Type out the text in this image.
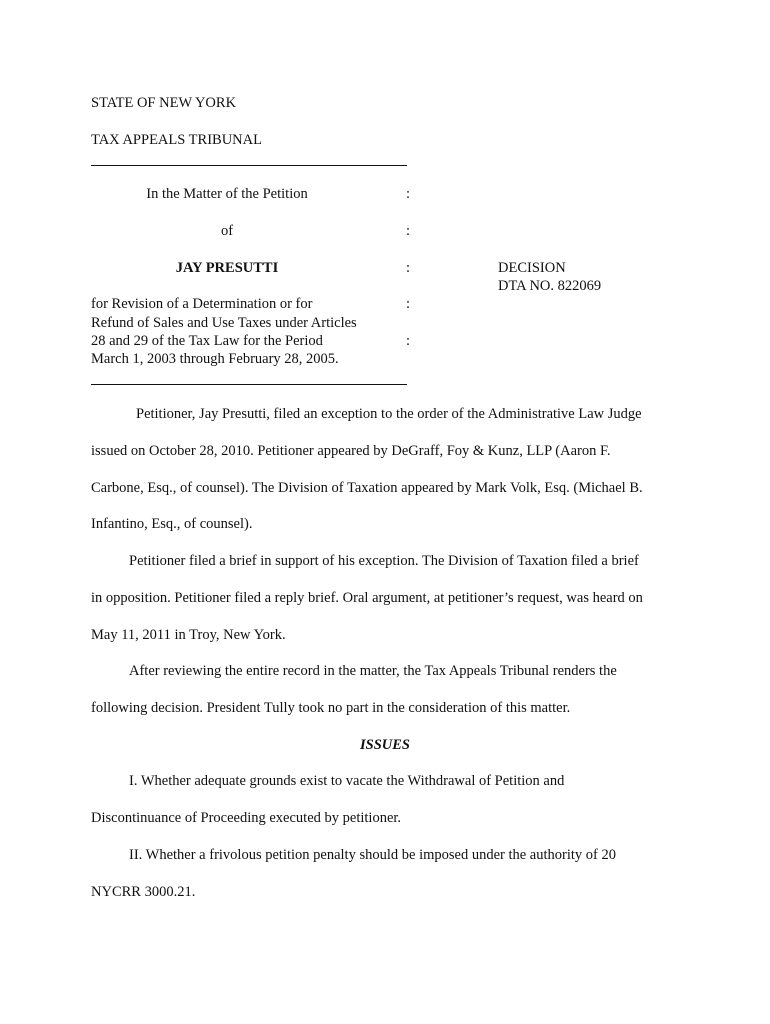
STATE OF NEW YORK
TAX APPEALS TRIBUNAL
In the Matter of the Petition	:
of	:
JAY PRESUTTI	:	DECISION
DTA NO. 822069
for Revision of a Determination or for	:
Refund of Sales and Use Taxes under Articles
28 and 29 of the Tax Law for the Period	:
March 1, 2003 through February 28, 2005.
Petitioner, Jay Presutti, filed an exception to the order of the Administrative Law Judge
issued on October 28, 2010. Petitioner appeared by DeGraff, Foy & Kunz, LLP (Aaron F.
Carbone, Esq., of counsel). The Division of Taxation appeared by Mark Volk, Esq. (Michael B.
Infantino, Esq., of counsel).
Petitioner filed a brief in support of his exception. The Division of Taxation filed a brief
in opposition. Petitioner filed a reply brief. Oral argument, at petitioner’s request, was heard on
May 11, 2011 in Troy, New York.
After reviewing the entire record in the matter, the Tax Appeals Tribunal renders the
following decision. President Tully took no part in the consideration of this matter.
ISSUES
I. Whether adequate grounds exist to vacate the Withdrawal of Petition and
Discontinuance of Proceeding executed by petitioner.
II. Whether a frivolous petition penalty should be imposed under the authority of 20
NYCRR 3000.21.
